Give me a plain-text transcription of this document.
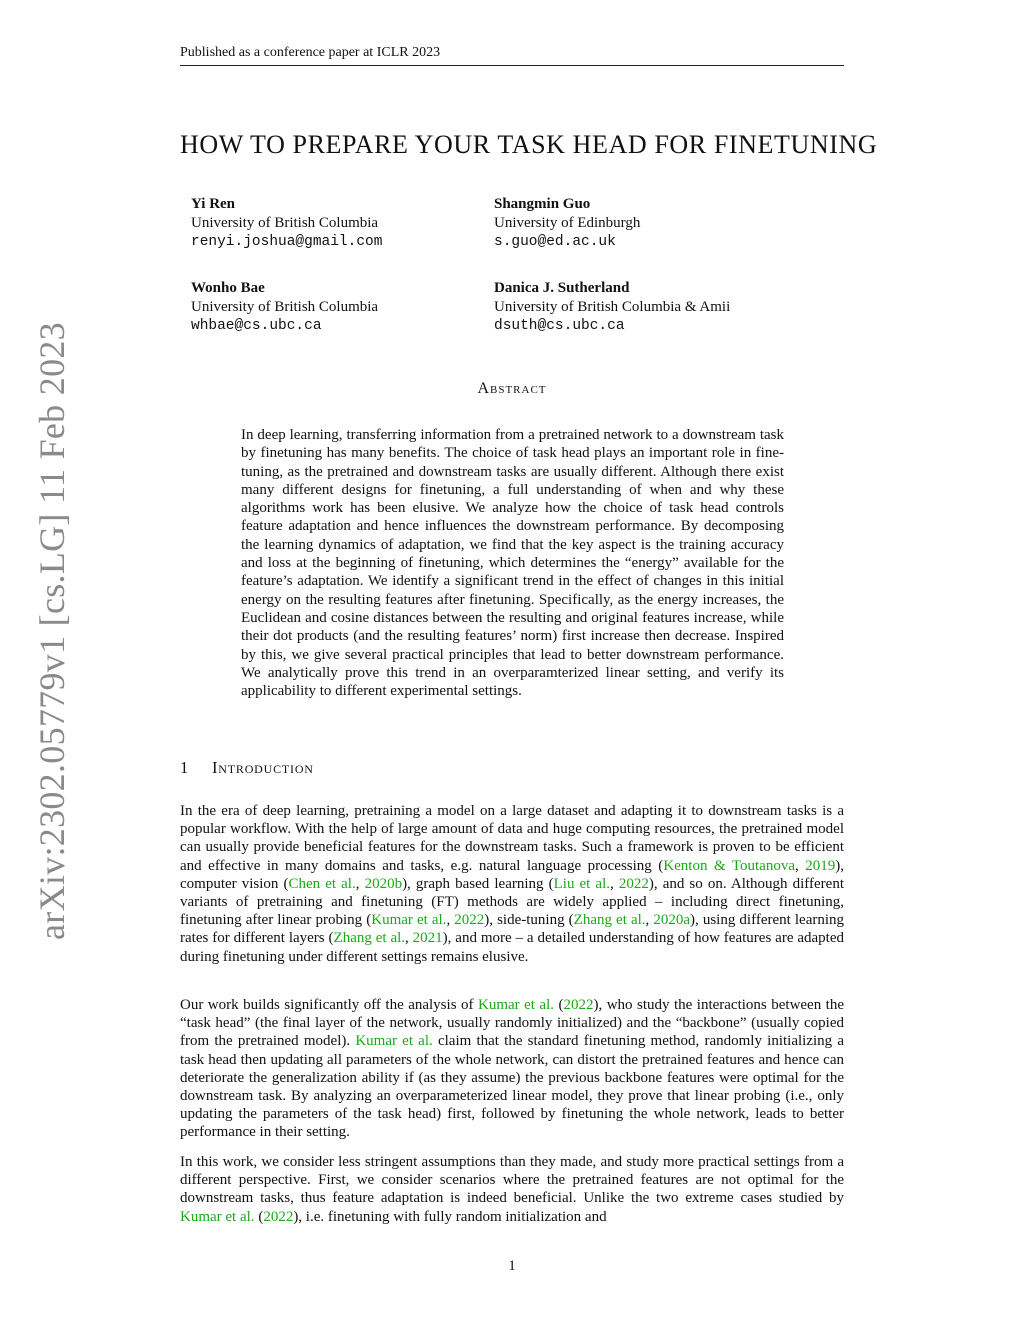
Published as a conference paper at ICLR 2023
HOW TO PREPARE YOUR TASK HEAD FOR FINETUNING
Yi Ren
University of British Columbia
renyi.joshua@gmail.com
Shangmin Guo
University of Edinburgh
s.guo@ed.ac.uk
Wonho Bae
University of British Columbia
whbae@cs.ubc.ca
Danica J. Sutherland
University of British Columbia & Amii
dsuth@cs.ubc.ca
arXiv:2302.05779v1 [cs.LG] 11 Feb 2023	Abstract

In deep learning, transferring information from a pretrained network to a downstream task by finetuning has many benefits. The choice of task head plays an important role in fine-tuning, as the pretrained and downstream tasks are usually different. Although there exist many different designs for finetuning, a full understanding of when and why these algorithms work has been elusive. We analyze how the choice of task head controls feature adaptation and hence influences the downstream performance. By decomposing the learning dynamics of adaptation, we find that the key aspect is the training accuracy and loss at the beginning of finetuning, which determines the “energy” available for the feature’s adaptation. We identify a significant trend in the effect of changes in this initial energy on the resulting features after finetuning. Specifically, as the energy increases, the Euclidean and cosine distances between the resulting and original features increase, while their dot products (and the resulting features’ norm) first increase then decrease. Inspired by this, we give several practical principles that lead to better downstream performance. We analytically prove this trend in an overparamterized linear setting, and verify its applicability to different experimental settings.

1 Introduction

In the era of deep learning, pretraining a model on a large dataset and adapting it to downstream tasks is a popular workflow. With the help of large amount of data and huge computing resources, the pretrained model can usually provide beneficial features for the downstream tasks. Such a framework is proven to be efficient and effective in many domains and tasks, e.g. natural language processing (Kenton & Toutanova, 2019), computer vision (Chen et al., 2020b), graph based learning (Liu et al., 2022), and so on. Although different variants of pretraining and finetuning (FT) methods are widely applied – including direct finetuning, finetuning after linear probing (Kumar et al., 2022), side-tuning (Zhang et al., 2020a), using different learning rates for different layers (Zhang et al., 2021), and more – a detailed understanding of how features are adapted during finetuning under different settings remains elusive.

Our work builds significantly off the analysis of Kumar et al. (2022), who study the interactions between the “task head” (the final layer of the network, usually randomly initialized) and the “backbone” (usually copied from the pretrained model). Kumar et al. claim that the standard finetuning method, randomly initializing a task head then updating all parameters of the whole network, can distort the pretrained features and hence can deteriorate the generalization ability if (as they assume) the previous backbone features were optimal for the downstream task. By analyzing an overparameterized linear model, they prove that linear probing (i.e., only updating the parameters of the task head) first, followed by finetuning the whole network, leads to better performance in their setting.

In this work, we consider less stringent assumptions than they made, and study more practical settings from a different perspective. First, we consider scenarios where the pretrained features are not optimal for the downstream tasks, thus feature adaptation is indeed beneficial. Unlike the two extreme cases studied by Kumar et al. (2022), i.e. finetuning with fully random initialization and

1
